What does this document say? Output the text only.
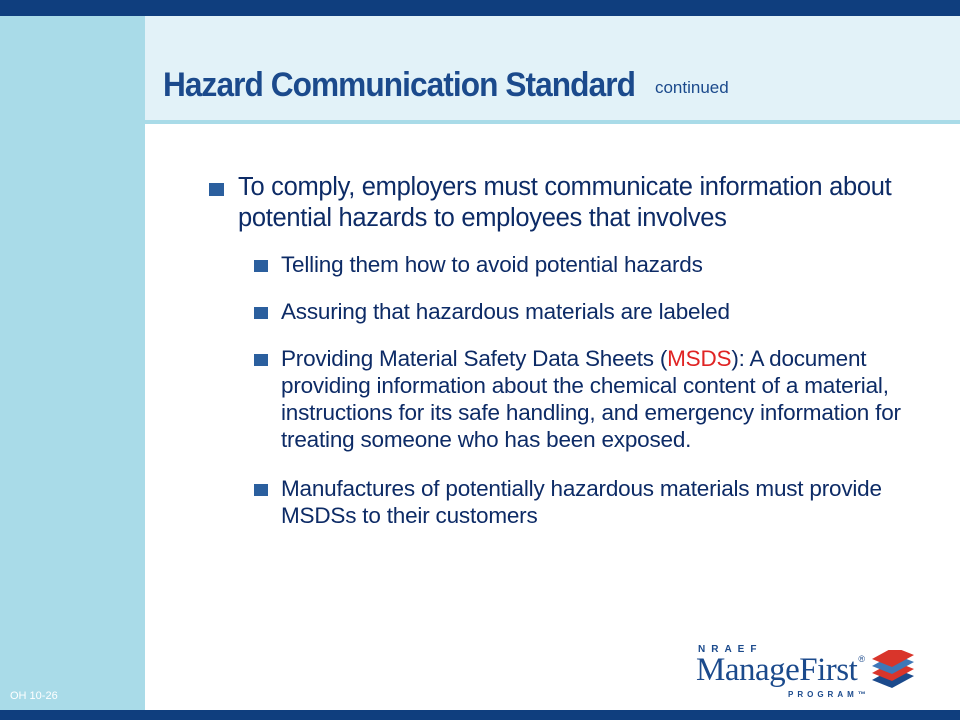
Hazard Communication Standard continued
To comply, employers must communicate information about potential hazards to employees that involves
Telling them how to avoid potential hazards
Assuring that hazardous materials are labeled
Providing Material Safety Data Sheets (MSDS): A document providing information about the chemical content of a material, instructions for its safe handling, and emergency information for treating someone who has been exposed.
Manufactures of potentially hazardous materials must provide MSDSs to their customers
OH 10-26
NRAEF
ManageFirst®
PROGRAM™
